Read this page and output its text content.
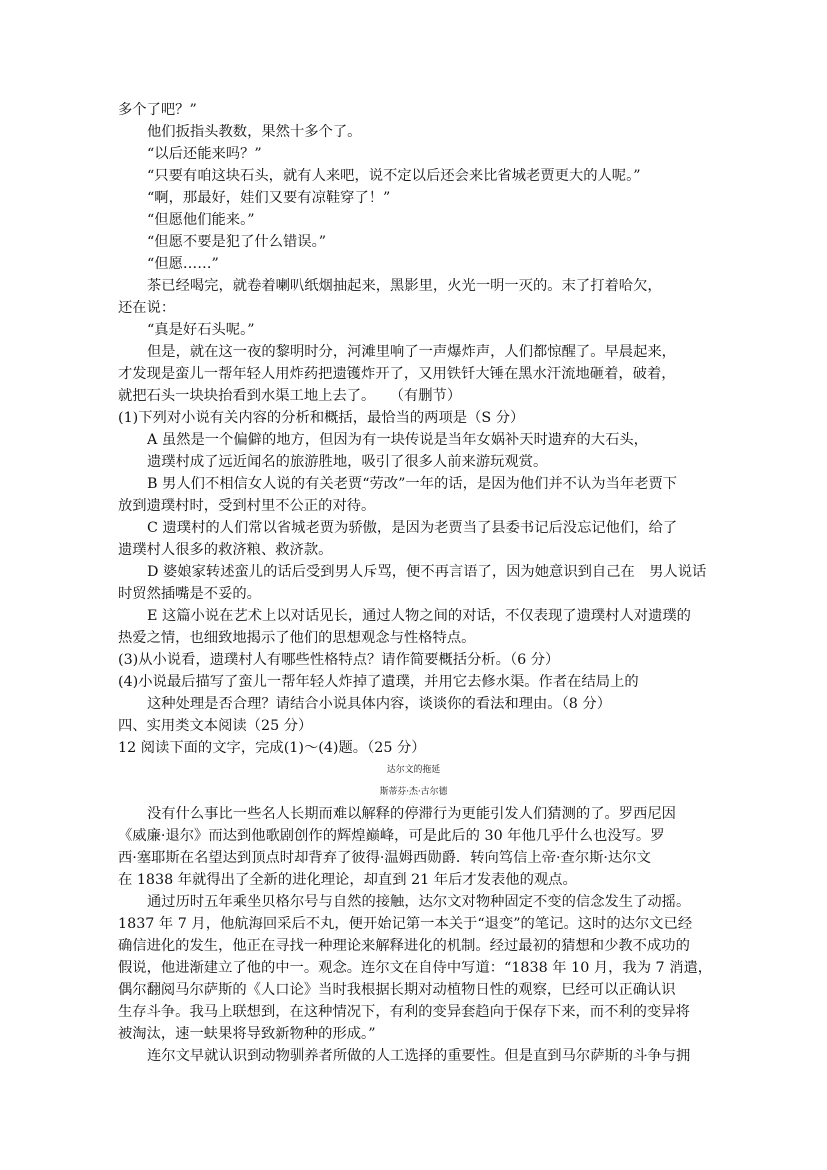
多个了吧？”
他们扳指头教数，果然十多个了。
“以后还能来吗？”
“只要有咱这块石头，就有人来吧，说不定以后还会来比省城老贾更大的人呢。”
“啊，那最好，娃们又要有凉鞋穿了！”
“但愿他们能来。”
“但愿不要是犯了什么错误。”
“但愿……”
茶已经喝完，就卷着喇叭纸烟抽起来，黑影里，火光一明一灭的。末了打着哈欠，
还在说：
“真是好石头呢。”
但是，就在这一夜的黎明时分，河滩里响了一声爆炸声，人们都惊醒了。早晨起来，
才发现是蛮儿一帮年轻人用炸药把遗镬炸开了，又用铁钎大锤在黑水汗流地砸着，破着，
就把石头一块块抬看到水渠工地上去了。　　（有删节）
(1)下列对小说有关内容的分析和概括，最恰当的两项是（S 分）
A 虽然是一个偏僻的地方，但因为有一块传说是当年女娲补天时遗弃的大石头，
遗璞村成了远近闻名的旅游胜地，吸引了很多人前来游玩观赏。
B 男人们不相信女人说的有关老贾“劳改”一年的话，是因为他们并不认为当年老贾下
放到遗璞村时，受到村里不公正的对待。
C 遗璞村的人们常以省城老贾为骄傲，是因为老贾当了县委书记后没忘记他们，给了
遗璞村人很多的救济粮、救济款。
D 婆娘家转述蛮儿的话后受到男人斥骂，便不再言语了，因为她意识到自己在　男人说话
时贸然插嘴是不妥的。
E 这篇小说在艺术上以对话见长，通过人物之间的对话，不仅表现了遗璞村人对遗璞的
热爱之情，也细致地揭示了他们的思想观念与性格特点。
(3)从小说看，遗璞村人有哪些性格特点？请作简要概括分析。（6 分）
(4)小说最后描写了蛮儿一帮年轻人炸掉了遺璞，并用它去修水渠。作者在结局上的
这种处理是否合理？请结合小说具体内容，谈谈你的看法和理由。（8 分）
四、实用类文本阅读（25 分）
12 阅读下面的文字，完成(1)～(4)题。（25 分）
达尔文的拖延
斯蒂芬·杰·古尔德
没有什么事比一些名人长期而难以解释的停滞行为更能引发人们猜测的了。罗西尼因
《威廉·退尔》而达到他歌剧创作的辉煌巅峰，可是此后的 30 年他几乎什么也没写。罗
西·塞耶斯在名望达到顶点时却背弃了彼得·温姆西勋爵．转向笃信上帝·查尔斯·达尔文
在 1838 年就得出了全新的进化理论，却直到 21 年后才发表他的观点。
通过历时五年乘坐贝格尔号与自然的接触，达尔文对物种固定不变的信念发生了动摇。
1837 年 7 月，他航海回采后不丸，便开始记第一本关于“退变”的笔记。这时的达尔文已经
确信进化的发生，他正在寻找一种理论来解释进化的机制。经过最初的猜想和少教不成功的
假说，他进渐建立了他的中一。观念。连尔文在自侍中写道：“1838 年 10 月，我为 7 消遣，
偶尔翻阅马尔萨斯的《人口论》当时我根据长期对动植物日性的观察，巳经可以正确认识
生存斗争。我马上联想到，在这种情况下，有利的变异套趋向于保存下来，而不利的变异将
被淘汰，速一蚨果将导致新物种的形成。”
连尔文早就认识到动物驯养者所做的人工选择的重要性。但是直到马尔萨斯的斗争与拥
